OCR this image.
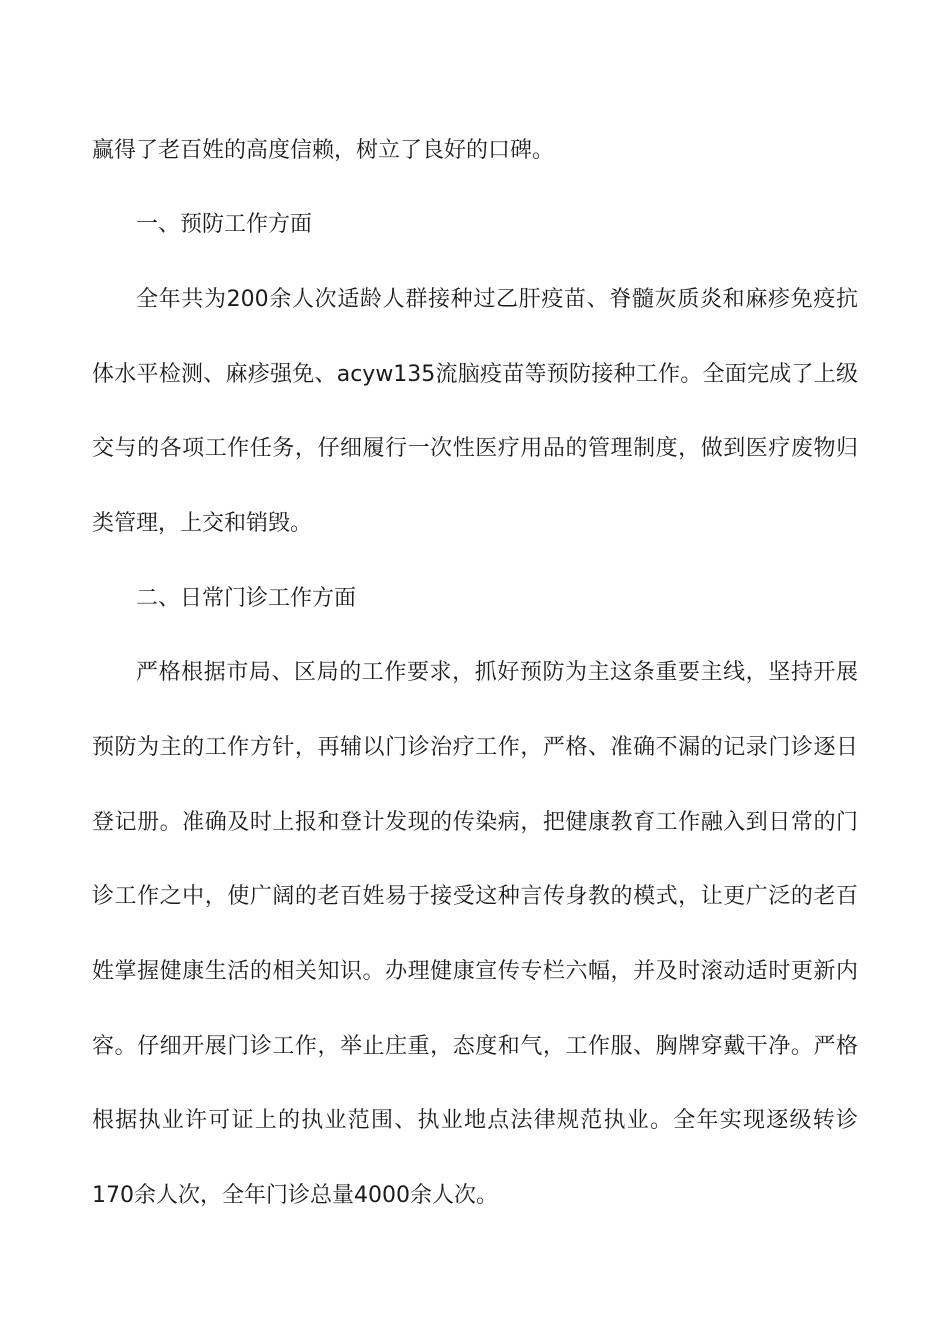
赢得了老百姓的高度信赖，树立了良好的口碑。
一、预防工作方面
全年共为200余人次适龄人群接种过乙肝疫苗、脊髓灰质炎和麻疹免疫抗
体水平检测、麻疹强免、acyw135流脑疫苗等预防接种工作。全面完成了上级
交与的各项工作任务，仔细履行一次性医疗用品的管理制度，做到医疗废物归
类管理，上交和销毁。
二、日常门诊工作方面
严格根据市局、区局的工作要求，抓好预防为主这条重要主线，坚持开展
预防为主的工作方针，再辅以门诊治疗工作，严格、准确不漏的记录门诊逐日
登记册。准确及时上报和登计发现的传染病，把健康教育工作融入到日常的门
诊工作之中，使广阔的老百姓易于接受这种言传身教的模式，让更广泛的老百
姓掌握健康生活的相关知识。办理健康宣传专栏六幅，并及时滚动适时更新内
容。仔细开展门诊工作，举止庄重，态度和气，工作服、胸牌穿戴干净。严格
根据执业许可证上的执业范围、执业地点法律规范执业。全年实现逐级转诊
170余人次，全年门诊总量4000余人次。
